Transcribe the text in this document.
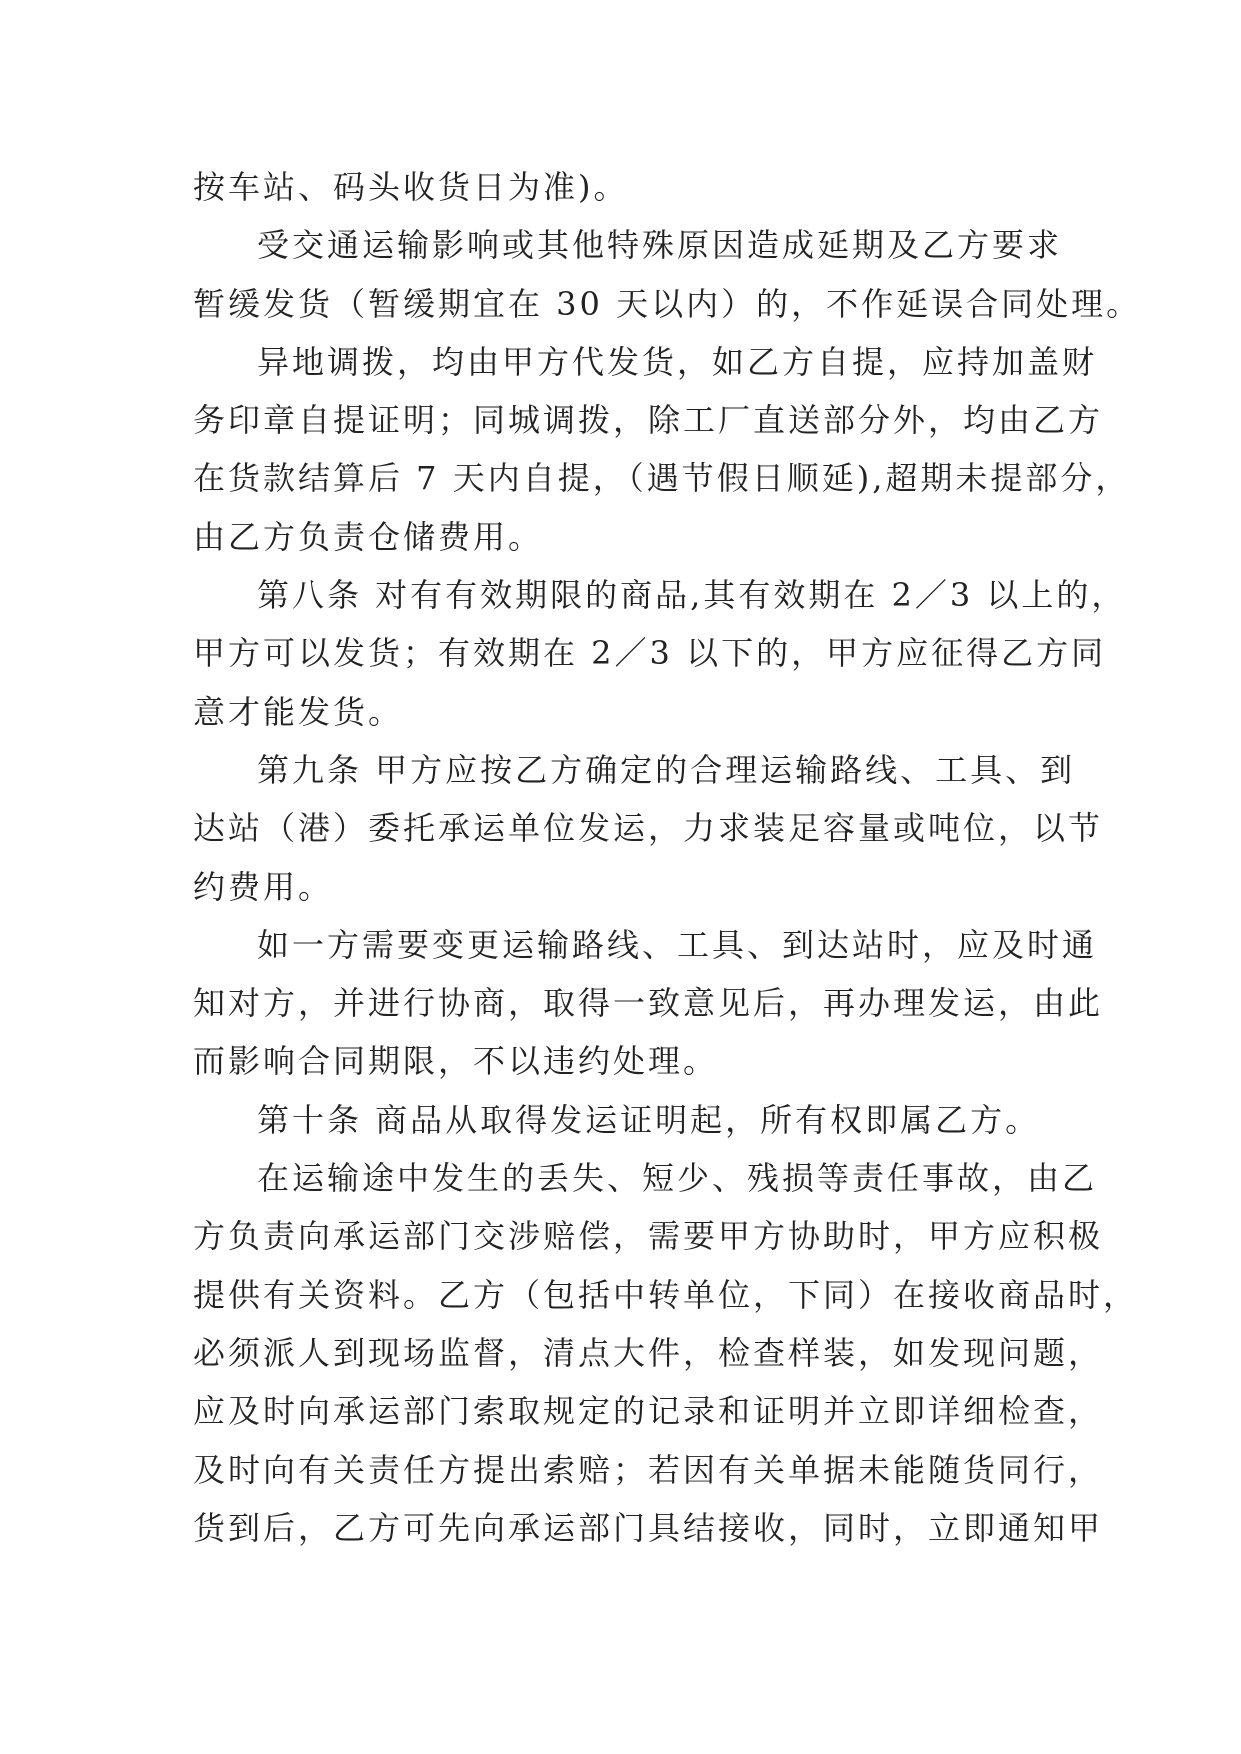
按车站、码头收货日为准)。
受交通运输影响或其他特殊原因造成延期及乙方要求
暂缓发货（暂缓期宜在 30 天以内）的，不作延误合同处理。
异地调拨，均由甲方代发货，如乙方自提，应持加盖财
务印章自提证明；同城调拨，除工厂直送部分外，均由乙方
在货款结算后 7 天内自提，（遇节假日顺延),超期未提部分，
由乙方负责仓储费用。
第八条 对有有效期限的商品,其有效期在 2／3 以上的，
甲方可以发货；有效期在 2／3 以下的，甲方应征得乙方同
意才能发货。
第九条 甲方应按乙方确定的合理运输路线、工具、到
达站（港）委托承运单位发运，力求装足容量或吨位，以节
约费用。
如一方需要变更运输路线、工具、到达站时，应及时通
知对方，并进行协商，取得一致意见后，再办理发运，由此
而影响合同期限，不以违约处理。
第十条 商品从取得发运证明起，所有权即属乙方。
在运输途中发生的丢失、短少、残损等责任事故，由乙
方负责向承运部门交涉赔偿，需要甲方协助时，甲方应积极
提供有关资料。乙方（包括中转单位，下同）在接收商品时，
必须派人到现场监督，清点大件，检查样装，如发现问题，
应及时向承运部门索取规定的记录和证明并立即详细检查，
及时向有关责任方提出索赔；若因有关单据未能随货同行，
货到后，乙方可先向承运部门具结接收，同时，立即通知甲
